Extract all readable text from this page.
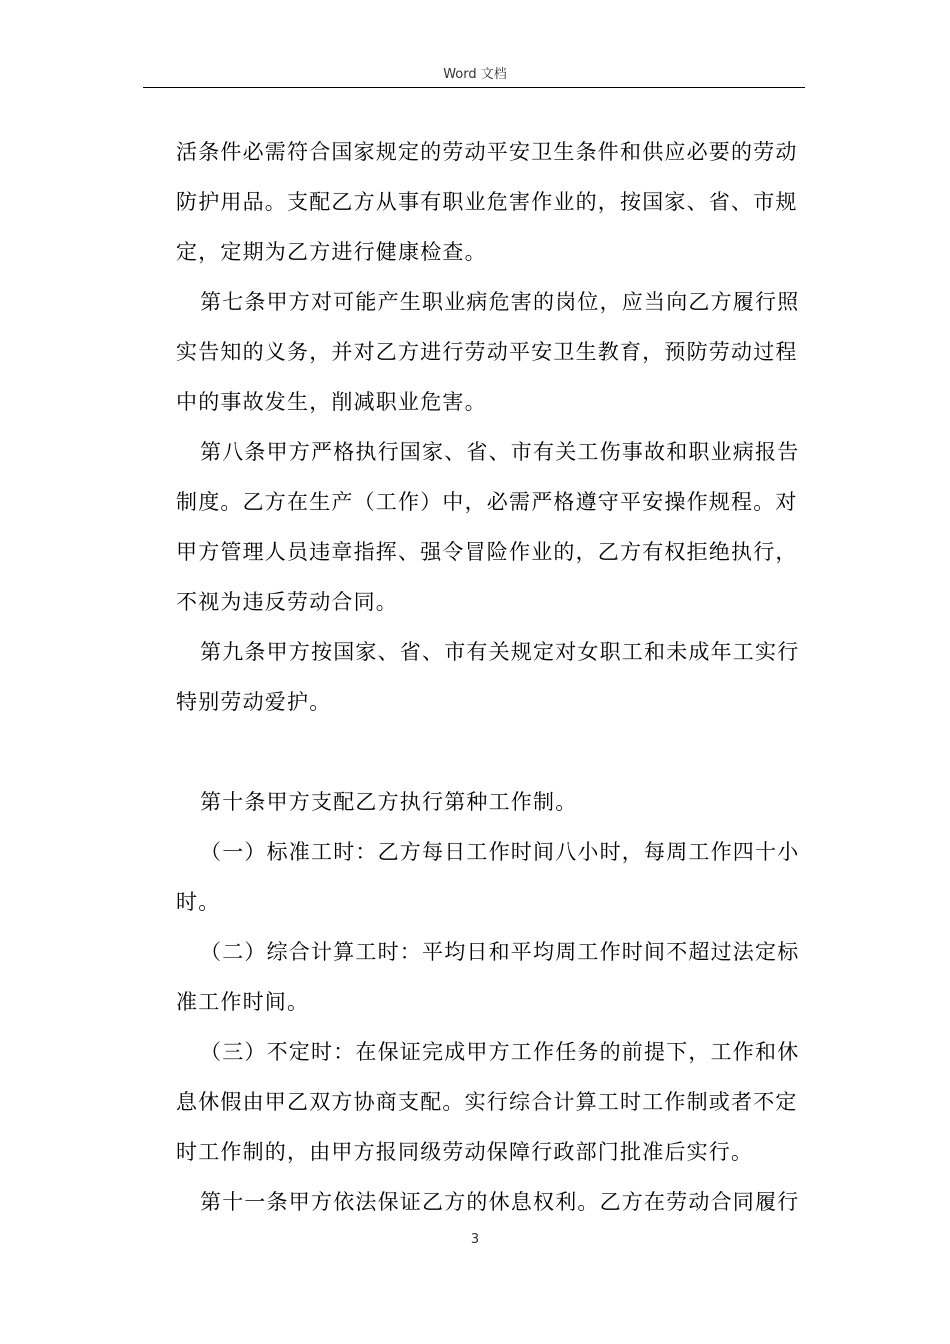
Word 文档

活条件必需符合国家规定的劳动平安卫生条件和供应必要的劳动防护用品。支配乙方从事有职业危害作业的，按国家、省、市规定，定期为乙方进行健康检查。

第七条甲方对可能产生职业病危害的岗位，应当向乙方履行照实告知的义务，并对乙方进行劳动平安卫生教育，预防劳动过程中的事故发生，削减职业危害。

第八条甲方严格执行国家、省、市有关工伤事故和职业病报告制度。乙方在生产（工作）中，必需严格遵守平安操作规程。对甲方管理人员违章指挥、强令冒险作业的，乙方有权拒绝执行，不视为违反劳动合同。

第九条甲方按国家、省、市有关规定对女职工和未成年工实行特别劳动爱护。

第十条甲方支配乙方执行第种工作制。

（一）标准工时：乙方每日工作时间八小时，每周工作四十小时。

（二）综合计算工时：平均日和平均周工作时间不超过法定标准工作时间。

（三）不定时：在保证完成甲方工作任务的前提下，工作和休息休假由甲乙双方协商支配。实行综合计算工时工作制或者不定时工作制的，由甲方报同级劳动保障行政部门批准后实行。

第十一条甲方依法保证乙方的休息权利。乙方在劳动合同履行

3
